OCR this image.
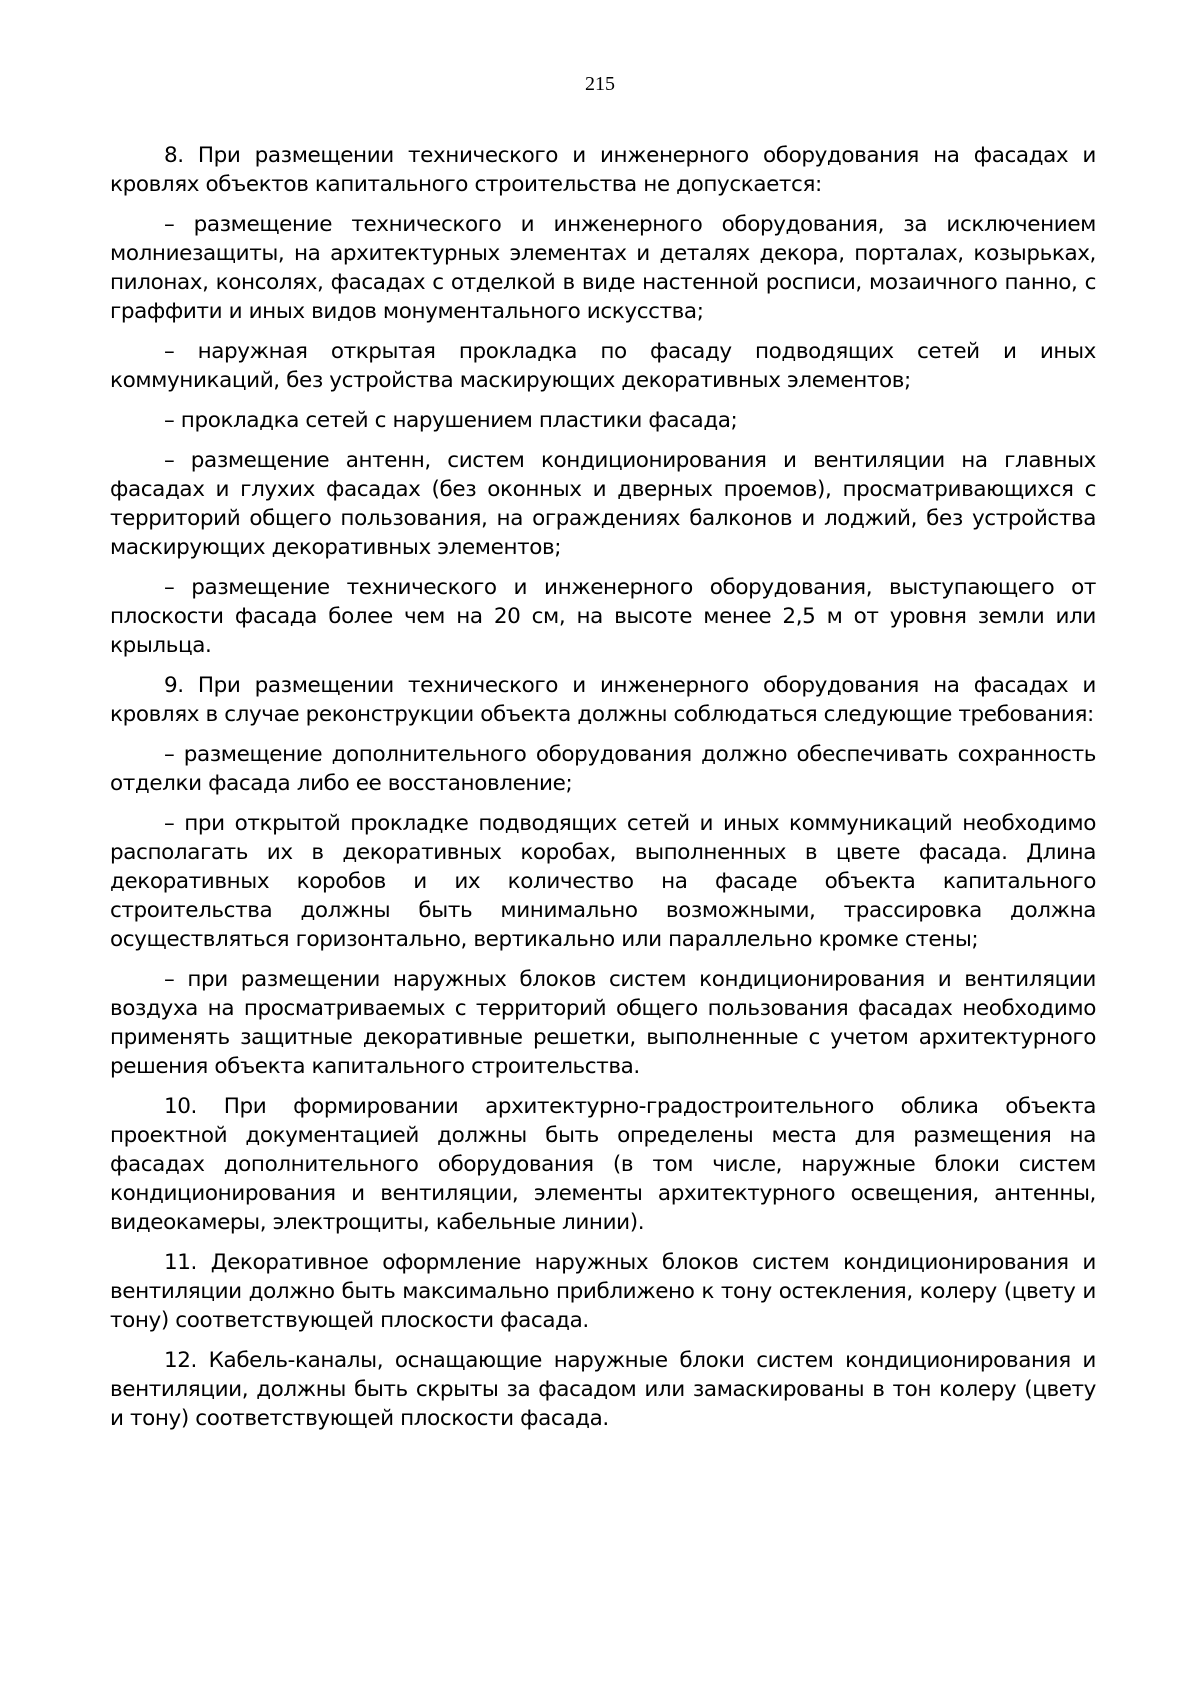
215

8. При размещении технического и инженерного оборудования на фасадах и кровлях объектов капитального строительства не допускается:

– размещение технического и инженерного оборудования, за исключением молниезащиты, на архитектурных элементах и деталях декора, порталах, козырьках, пилонах, консолях, фасадах с отделкой в виде настенной росписи, мозаичного панно, с граффити и иных видов монументального искусства;

– наружная открытая прокладка по фасаду подводящих сетей и иных коммуникаций, без устройства маскирующих декоративных элементов;

– прокладка сетей с нарушением пластики фасада;

– размещение антенн, систем кондиционирования и вентиляции на главных фасадах и глухих фасадах (без оконных и дверных проемов), просматривающихся с территорий общего пользования, на ограждениях балконов и лоджий, без устройства маскирующих декоративных элементов;

– размещение технического и инженерного оборудования, выступающего от плоскости фасада более чем на 20 см, на высоте менее 2,5 м от уровня земли или крыльца.

9. При размещении технического и инженерного оборудования на фасадах и кровлях в случае реконструкции объекта должны соблюдаться следующие требования:

– размещение дополнительного оборудования должно обеспечивать сохранность отделки фасада либо ее восстановление;

– при открытой прокладке подводящих сетей и иных коммуникаций необходимо располагать их в декоративных коробах, выполненных в цвете фасада. Длина декоративных коробов и их количество на фасаде объекта капитального строительства должны быть минимально возможными, трассировка должна осуществляться горизонтально, вертикально или параллельно кромке стены;

– при размещении наружных блоков систем кондиционирования и вентиляции воздуха на просматриваемых с территорий общего пользования фасадах необходимо применять защитные декоративные решетки, выполненные с учетом архитектурного решения объекта капитального строительства.

10. При формировании архитектурно-градостроительного облика объекта проектной документацией должны быть определены места для размещения на фасадах дополнительного оборудования (в том числе, наружные блоки систем кондиционирования и вентиляции, элементы архитектурного освещения, антенны, видеокамеры, электрощиты, кабельные линии).

11. Декоративное оформление наружных блоков систем кондиционирования и вентиляции должно быть максимально приближено к тону остекления, колеру (цвету и тону) соответствующей плоскости фасада.

12. Кабель-каналы, оснащающие наружные блоки систем кондиционирования и вентиляции, должны быть скрыты за фасадом или замаскированы в тон колеру (цвету и тону) соответствующей плоскости фасада.
